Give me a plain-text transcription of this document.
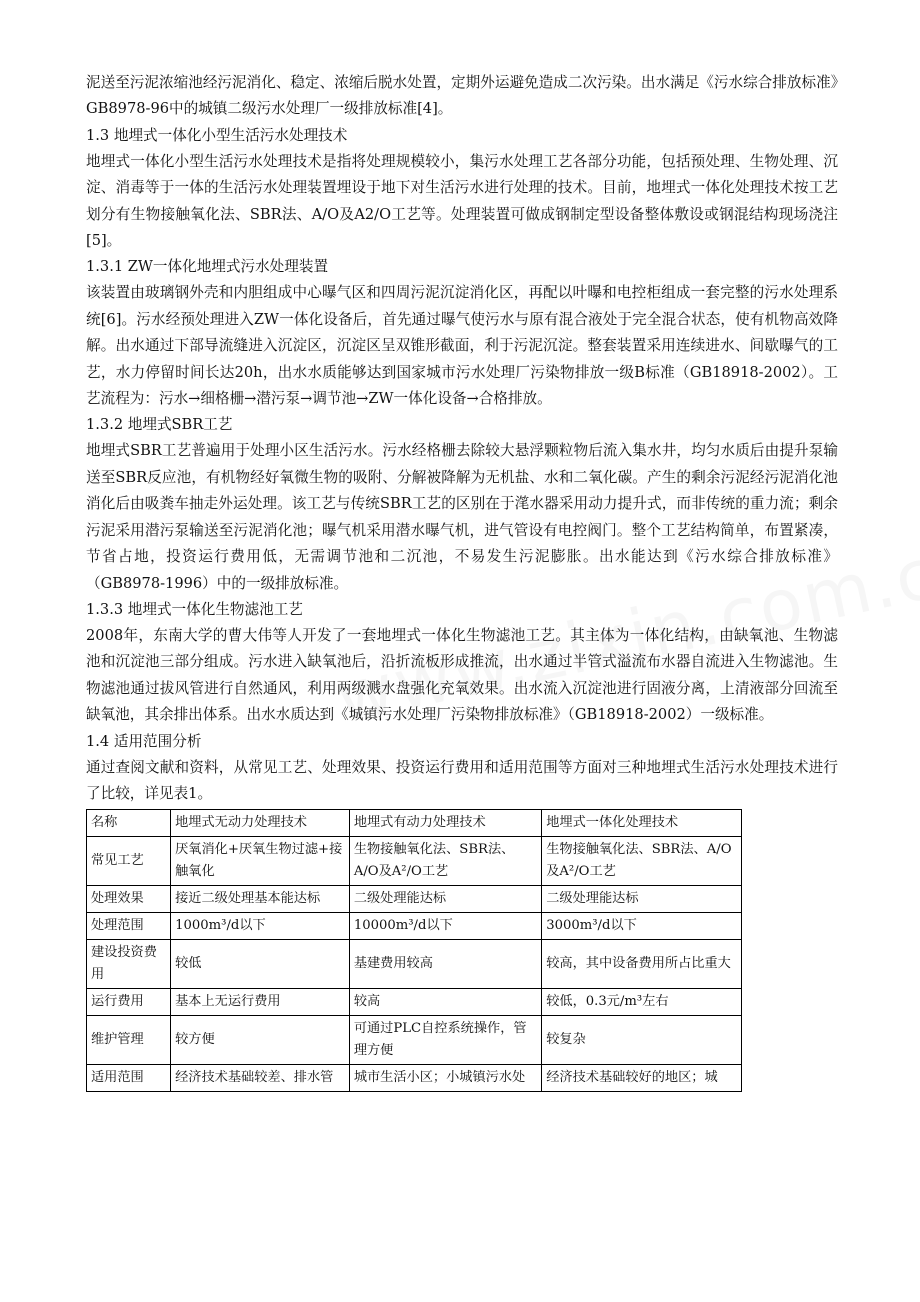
泥送至污泥浓缩池经污泥消化、稳定、浓缩后脱水处置，定期外运避免造成二次污染。出水满足《污水综合排放标准》GB8978-96中的城镇二级污水处理厂一级排放标准[4]。

1.3 地埋式一体化小型生活污水处理技术

地埋式一体化小型生活污水处理技术是指将处理规模较小，集污水处理工艺各部分功能，包括预处理、生物处理、沉淀、消毒等于一体的生活污水处理装置埋设于地下对生活污水进行处理的技术。目前，地埋式一体化处理技术按工艺划分有生物接触氧化法、SBR法、A/O及A2/O工艺等。处理装置可做成钢制定型设备整体敷设或钢混结构现场浇注[5]。

1.3.1 ZW一体化地埋式污水处理装置

该装置由玻璃钢外壳和内胆组成中心曝气区和四周污泥沉淀消化区，再配以叶曝和电控柜组成一套完整的污水处理系统[6]。污水经预处理进入ZW一体化设备后，首先通过曝气使污水与原有混合液处于完全混合状态，使有机物高效降解。出水通过下部导流缝进入沉淀区，沉淀区呈双锥形截面，利于污泥沉淀。整套装置采用连续进水、间歇曝气的工艺，水力停留时间长达20h，出水水质能够达到国家城市污水处理厂污染物排放一级B标准（GB18918-2002）。工艺流程为：污水→细格栅→潜污泵→调节池→ZW一体化设备→合格排放。

1.3.2 地埋式SBR工艺

地埋式SBR工艺普遍用于处理小区生活污水。污水经格栅去除较大悬浮颗粒物后流入集水井，均匀水质后由提升泵输送至SBR反应池，有机物经好氧微生物的吸附、分解被降解为无机盐、水和二氧化碳。产生的剩余污泥经污泥消化池消化后由吸粪车抽走外运处理。该工艺与传统SBR工艺的区别在于滗水器采用动力提升式，而非传统的重力流；剩余污泥采用潜污泵输送至污泥消化池；曝气机采用潜水曝气机，进气管设有电控阀门。整个工艺结构简单，布置紧凑，节省占地，投资运行费用低，无需调节池和二沉池，不易发生污泥膨胀。出水能达到《污水综合排放标准》（GB8978-1996）中的一级排放标准。

1.3.3 地埋式一体化生物滤池工艺

2008年，东南大学的曹大伟等人开发了一套地埋式一体化生物滤池工艺。其主体为一体化结构，由缺氧池、生物滤池和沉淀池三部分组成。污水进入缺氧池后，沿折流板形成推流，出水通过半管式溢流布水器自流进入生物滤池。生物滤池通过拔风管进行自然通风，利用两级溅水盘强化充氧效果。出水流入沉淀池进行固液分离，上清液部分回流至缺氧池，其余排出体系。出水水质达到《城镇污水处理厂污染物排放标准》（GB18918-2002）一级标准。

1.4 适用范围分析

通过查阅文献和资料，从常见工艺、处理效果、投资运行费用和适用范围等方面对三种地埋式生活污水处理技术进行了比较，详见表1。

名称	地埋式无动力处理技术	地埋式有动力处理技术	地埋式一体化处理技术
常见工艺	厌氧消化+厌氧生物过滤+接触氧化	生物接触氧化法、SBR法、A/O及A²/O工艺	生物接触氧化法、SBR法、A/O及A²/O工艺
处理效果	接近二级处理基本能达标	二级处理能达标	二级处理能达标
处理范围	1000m³/d以下	10000m³/d以下	3000m³/d以下
建设投资费用	较低	基建费用较高	较高，其中设备费用所占比重大
运行费用	基本上无运行费用	较高	较低，0.3元/m³左右
维护管理	较方便	可通过PLC自控系统操作，管理方便	较复杂
适用范围	经济技术基础较差、排水管	城市生活小区；小城镇污水处	经济技术基础较好的地区；城
